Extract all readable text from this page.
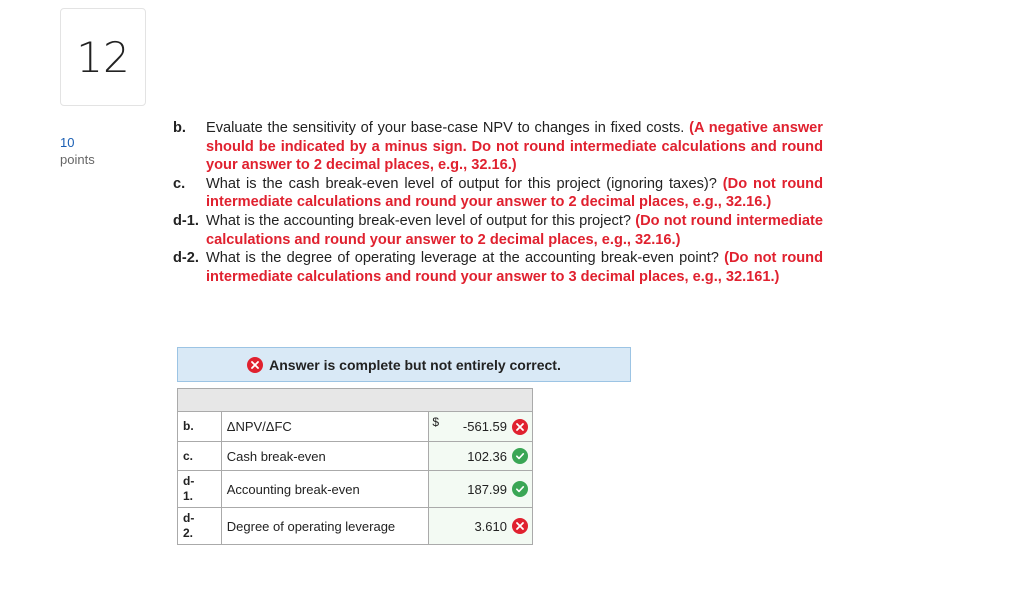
12
10
points
b.	Evaluate the sensitivity of your base-case NPV to changes in fixed costs. (A negative answer should be indicated by a minus sign. Do not round intermediate calculations and round your answer to 2 decimal places, e.g., 32.16.)
c.	What is the cash break-even level of output for this project (ignoring taxes)? (Do not round intermediate calculations and round your answer to 2 decimal places, e.g., 32.16.)
d-1. What is the accounting break-even level of output for this project? (Do not round intermediate calculations and round your answer to 2 decimal places, e.g., 32.16.)
d-2. What is the degree of operating leverage at the accounting break-even point? (Do not round intermediate calculations and round your answer to 3 decimal places, e.g., 32.161.)
Answer is complete but not entirely correct.

b.	ΔNPV/ΔFC	$ -561.59

c.	Cash break-even	102.36

d-
1.	Accounting break-even	187.99

d-
2.	Degree of operating leverage	3.610
